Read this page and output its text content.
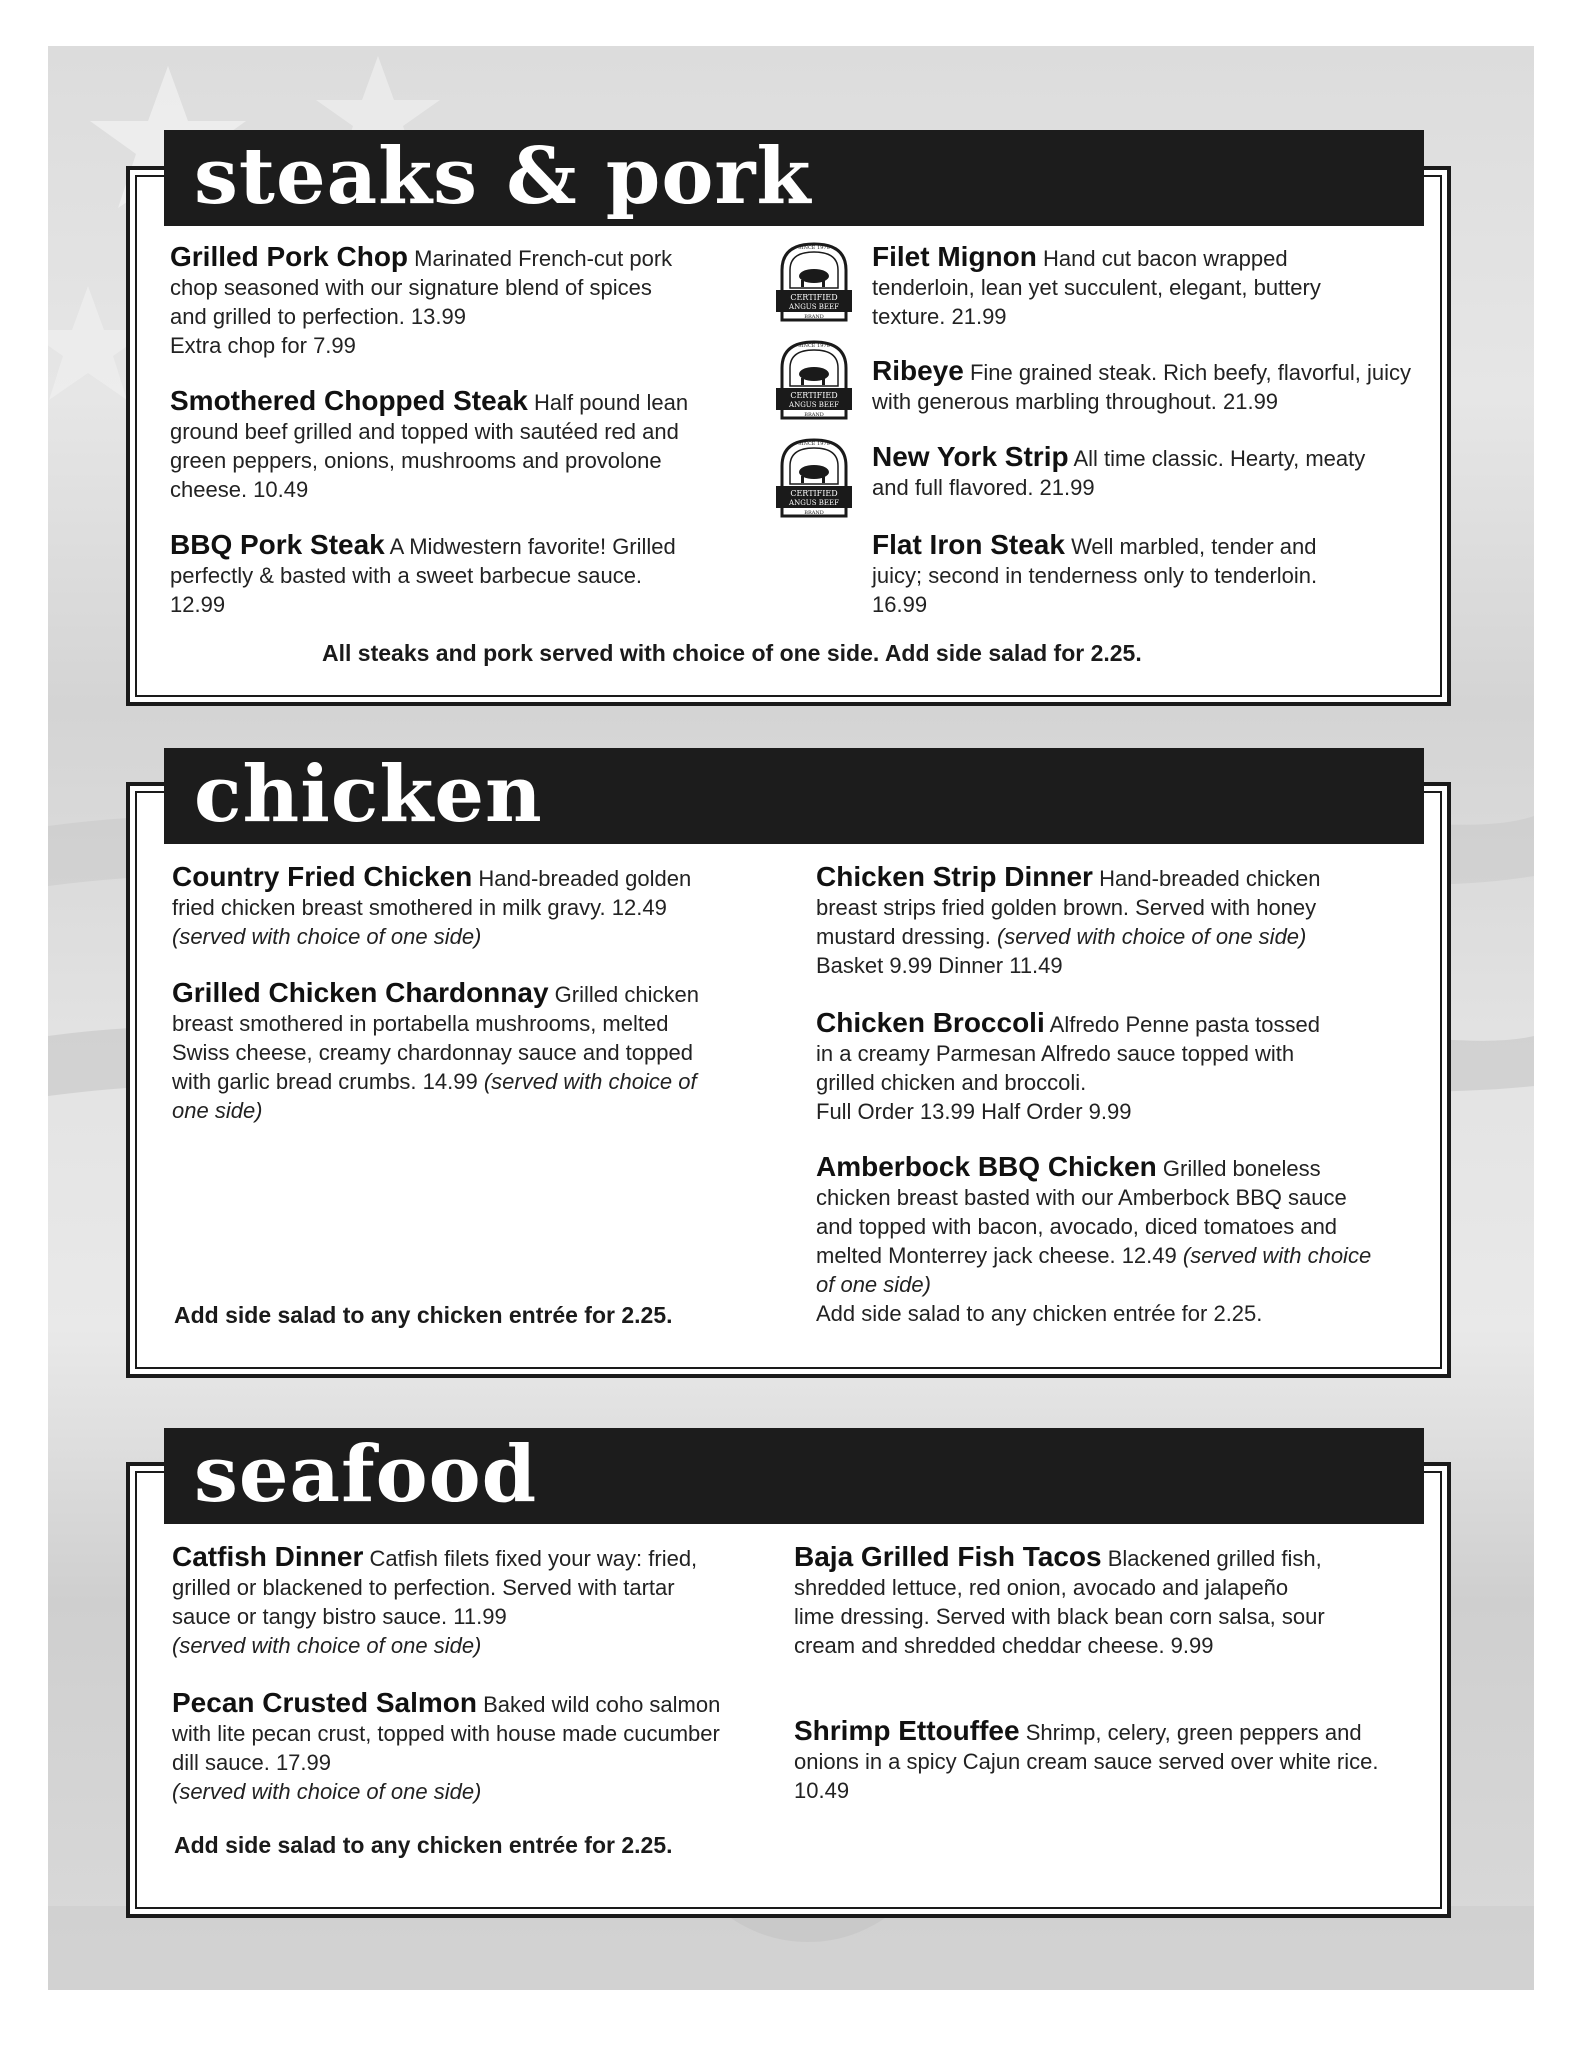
steaks & pork
Grilled Pork Chop Marinated French-cut pork chop seasoned with our signature blend of spices and grilled to perfection. 13.99
Extra chop for 7.99
Smothered Chopped Steak Half pound lean ground beef grilled and topped with sautéed red and green peppers, onions, mushrooms and provolone cheese. 10.49
BBQ Pork Steak A Midwestern favorite! Grilled perfectly & basted with a sweet barbecue sauce. 12.99
SINCE 1978
CERTIFIED
ANGUS BEEF
BRAND
SINCE 1978
CERTIFIED
ANGUS BEEF
BRAND
SINCE 1978
CERTIFIED
ANGUS BEEF
BRAND
Filet Mignon Hand cut bacon wrapped tenderloin, lean yet succulent, elegant, buttery texture. 21.99
Ribeye Fine grained steak. Rich beefy, flavorful, juicy with generous marbling throughout. 21.99
New York Strip All time classic. Hearty, meaty and full flavored. 21.99
Flat Iron Steak Well marbled, tender and juicy; second in tenderness only to tenderloin. 16.99
All steaks and pork served with choice of one side. Add side salad for 2.25.
chicken
Country Fried Chicken Hand-breaded golden fried chicken breast smothered in milk gravy. 12.49 (served with choice of one side)
Grilled Chicken Chardonnay Grilled chicken breast smothered in portabella mushrooms, melted Swiss cheese, creamy chardonnay sauce and topped with garlic bread crumbs. 14.99 (served with choice of one side)
Add side salad to any chicken entrée for 2.25.
Chicken Strip Dinner Hand-breaded chicken breast strips fried golden brown. Served with honey mustard dressing. (served with choice of one side) Basket 9.99 Dinner 11.49
Chicken Broccoli Alfredo Penne pasta tossed in a creamy Parmesan Alfredo sauce topped with grilled chicken and broccoli.
Full Order 13.99 Half Order 9.99
Amberbock BBQ Chicken Grilled boneless chicken breast basted with our Amberbock BBQ sauce and topped with bacon, avocado, diced tomatoes and melted Monterrey jack cheese. 12.49 (served with choice of one side)
Add side salad to any chicken entrée for 2.25.
seafood
Catfish Dinner Catfish filets fixed your way: fried, grilled or blackened to perfection. Served with tartar sauce or tangy bistro sauce. 11.99
(served with choice of one side)
Pecan Crusted Salmon Baked wild coho salmon with lite pecan crust, topped with house made cucumber dill sauce. 17.99
(served with choice of one side)
Add side salad to any chicken entrée for 2.25.
Baja Grilled Fish Tacos Blackened grilled fish, shredded lettuce, red onion, avocado and jalapeño lime dressing. Served with black bean corn salsa, sour cream and shredded cheddar cheese. 9.99
Shrimp Ettouffee Shrimp, celery, green peppers and onions in a spicy Cajun cream sauce served over white rice. 10.49
